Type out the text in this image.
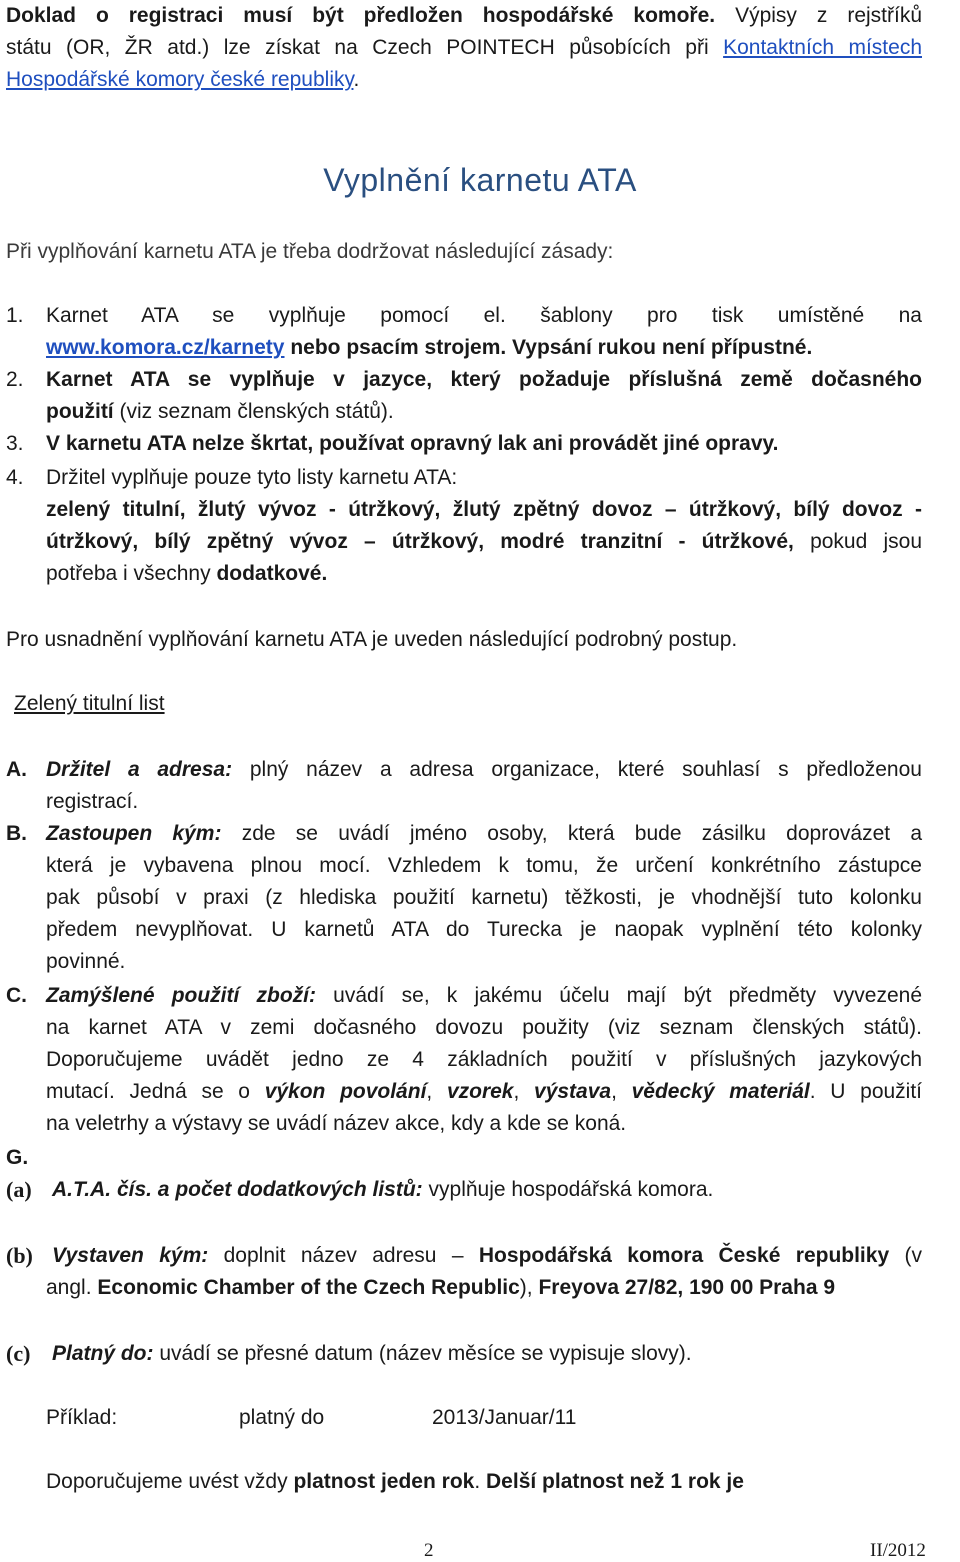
Doklad o registraci musí být předložen hospodářské komoře. Výpisy z rejstříků
státu (OR, ŽR atd.) lze získat na Czech POINTECH působících při Kontaktních místech
Hospodářské komory české republiky.
Vyplnění karnetu ATA
Při vyplňování karnetu ATA je třeba dodržovat následující zásady:
1. Karnet ATA se vyplňuje pomocí el. šablony pro tisk umístěné na
www.komora.cz/karnety nebo psacím strojem. Vypsání rukou není přípustné.
2. Karnet ATA se vyplňuje v jazyce, který požaduje příslušná země dočasného
použití (viz seznam členských států).
3. V karnetu ATA nelze škrtat, používat opravný lak ani provádět jiné opravy.
4. Držitel vyplňuje pouze tyto listy karnetu ATA:
zelený titulní, žlutý vývoz - útržkový, žlutý zpětný dovoz – útržkový, bílý dovoz -
útržkový, bílý zpětný vývoz – útržkový, modré tranzitní - útržkové, pokud jsou
potřeba i všechny dodatkové.
Pro usnadnění vyplňování karnetu ATA je uveden následující podrobný postup.
Zelený titulní list
A. Držitel a adresa: plný název a adresa organizace, které souhlasí s předloženou
registrací.
B. Zastoupen kým: zde se uvádí jméno osoby, která bude zásilku doprovázet a
která je vybavena plnou mocí. Vzhledem k tomu, že určení konkrétního zástupce
pak působí v praxi (z hlediska použití karnetu) těžkosti, je vhodnější tuto kolonku
předem nevyplňovat. U karnetů ATA do Turecka je naopak vyplnění této kolonky
povinné.
C. Zamýšlené použití zboží: uvádí se, k jakému účelu mají být předměty vyvezené
na karnet ATA v zemi dočasného dovozu použity (viz seznam členských států).
Doporučujeme uvádět jedno ze 4 základních použití v příslušných jazykových
mutací. Jedná se o výkon povolání, vzorek, výstava, vědecký materiál. U použití
na veletrhy a výstavy se uvádí název akce, kdy a kde se koná.
G.
(a) A.T.A. čís. a počet dodatkových listů: vyplňuje hospodářská komora.
(b) Vystaven kým: doplnit název adresu – Hospodářská komora České republiky (v
angl. Economic Chamber of the Czech Republic), Freyova 27/82, 190 00 Praha 9
(c) Platný do: uvádí se přesné datum (název měsíce se vypisuje slovy).
Příklad:	platný do	2013/Januar/11
Doporučujeme uvést vždy platnost jeden rok. Delší platnost než 1 rok je
2	II/2012
